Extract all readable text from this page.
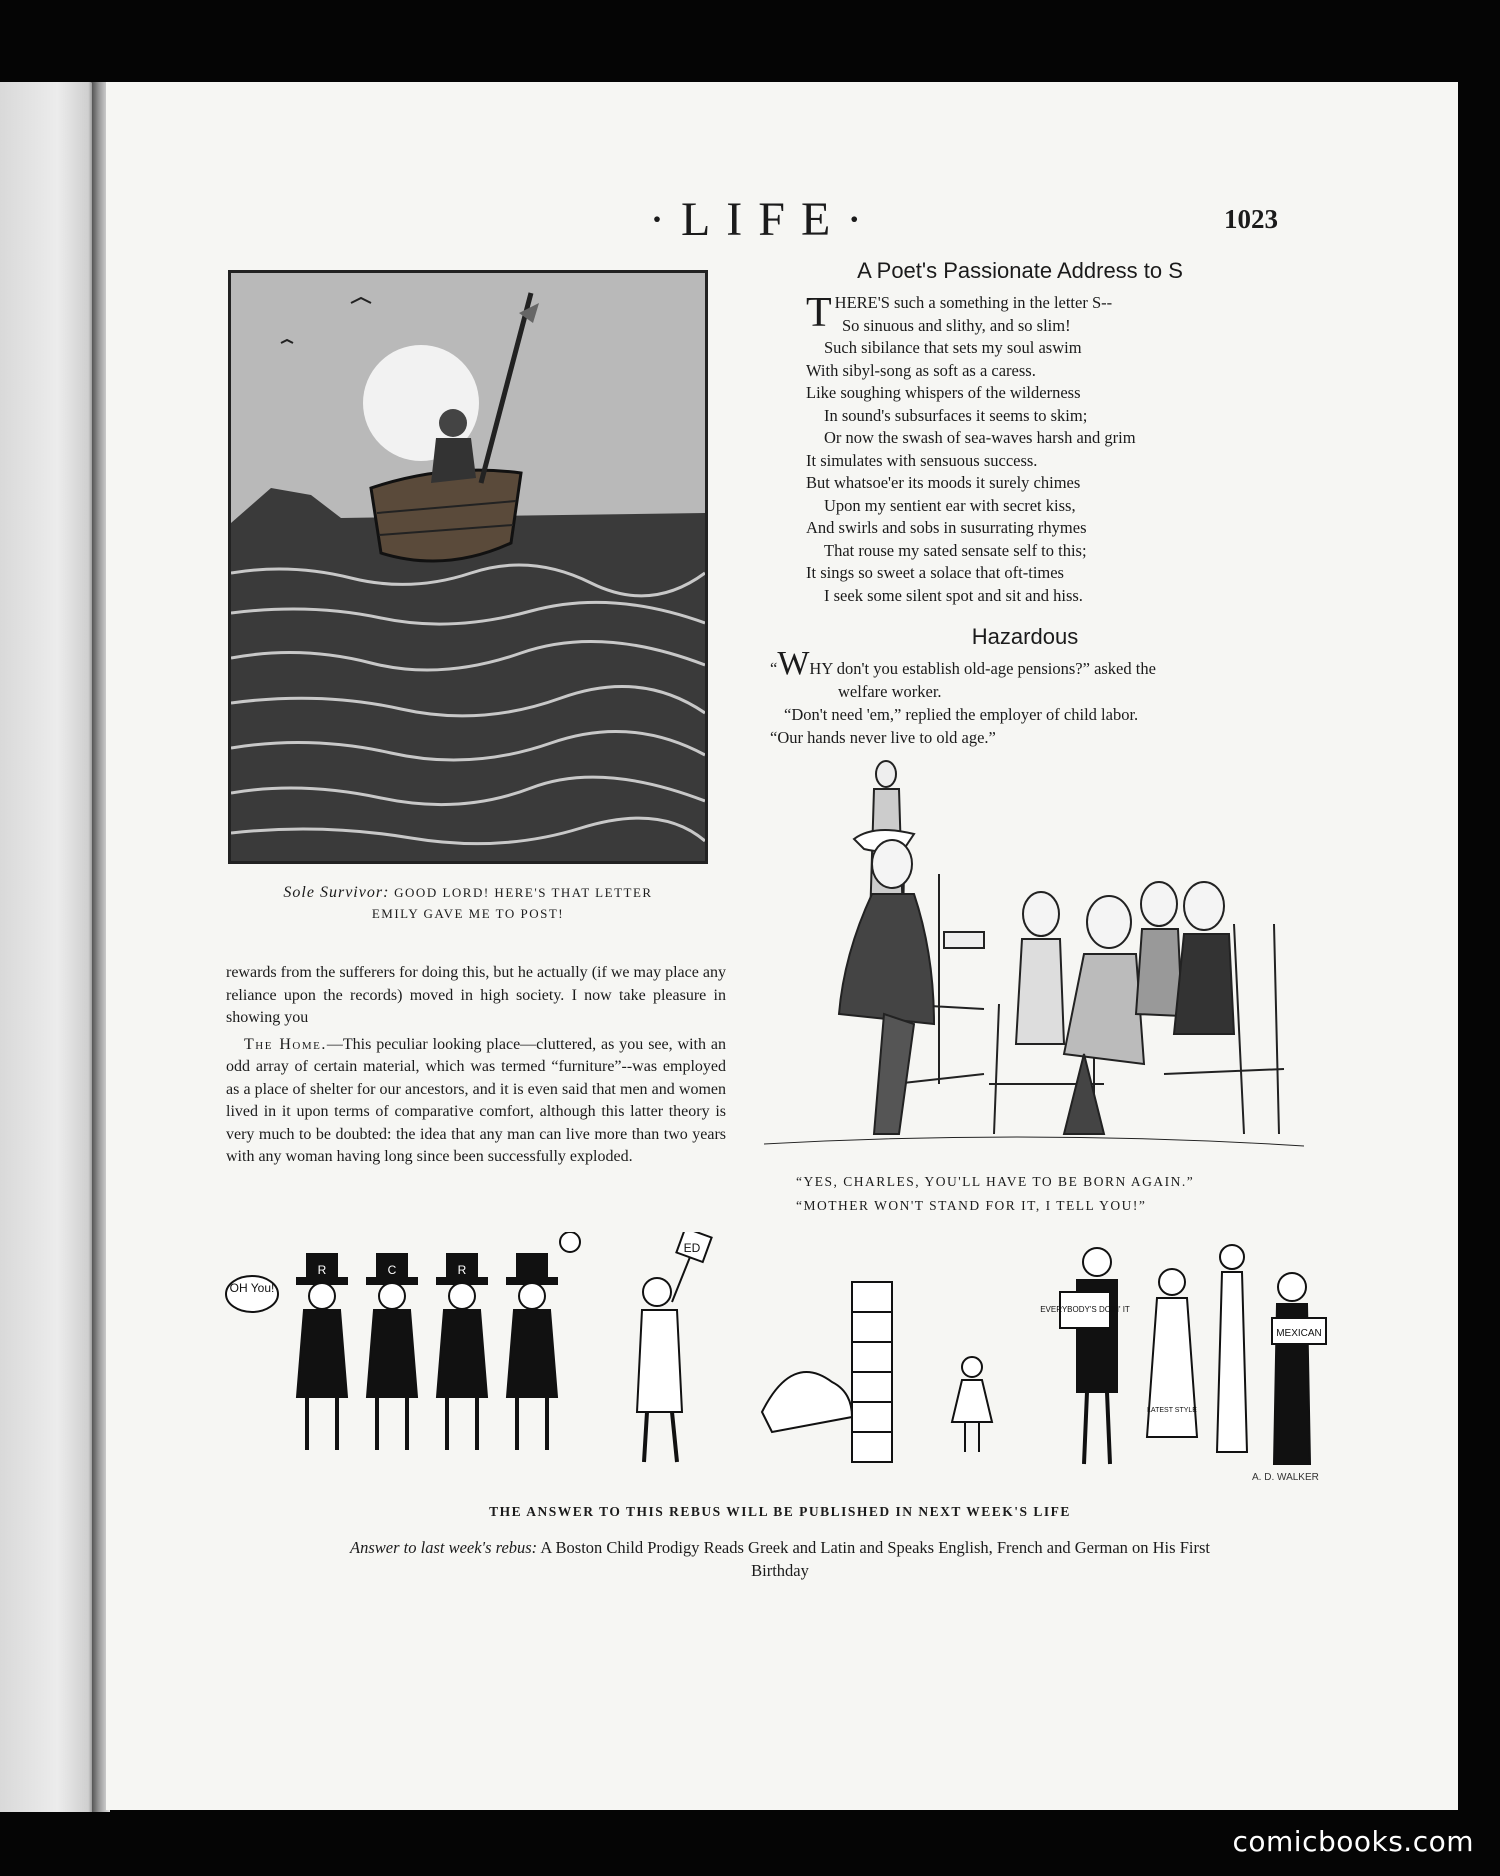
·LIFE·	1023
Sole Survivor: GOOD LORD! HERE'S THAT LETTER
EMILY GAVE ME TO POST!
A Poet's Passionate Address to S
THERE'S such a something in the letter S--
So sinuous and slithy, and so slim!
Such sibilance that sets my soul aswim
With sibyl-song as soft as a caress.
Like soughing whispers of the wilderness
In sound's subsurfaces it seems to skim;
Or now the swash of sea-waves harsh and grim
It simulates with sensuous success.
But whatsoe'er its moods it surely chimes
Upon my sentient ear with secret kiss,
And swirls and sobs in susurrating rhymes
That rouse my sated sensate self to this;
It sings so sweet a solace that oft-times
I seek some silent spot and sit and hiss.
Hazardous
“WHY don't you establish old-age pensions?” asked the
welfare worker.
“Don't need 'em,” replied the employer of child labor.
“Our hands never live to old age.”

rewards from the sufferers for doing this, but he actually (if we may place any reliance upon the records) moved in high society. I now take pleasure in showing you

The Home.—This peculiar looking place—cluttered, as you see, with an odd array of certain material, which was termed “furniture”--was employed as a place of shelter for our ancestors, and it is even said that men and women lived in it upon terms of comparative comfort, although this latter theory is very much to be doubted: the idea that any man can live more than two years with any woman having long since been successfully exploded.

“YES, CHARLES, YOU'LL HAVE TO BE BORN AGAIN.”
“MOTHER WON'T STAND FOR IT, I TELL YOU!”
OH You!
R	C	R
ED
EVERYBODY'S DOIN' IT
LATEST STYLE
MEXICAN
A. D. WALKER
THE ANSWER TO THIS REBUS WILL BE PUBLISHED IN NEXT WEEK'S LIFE
Answer to last week's rebus: A Boston Child Prodigy Reads Greek and Latin and Speaks English, French and German on His First Birthday
comicbooks.com
